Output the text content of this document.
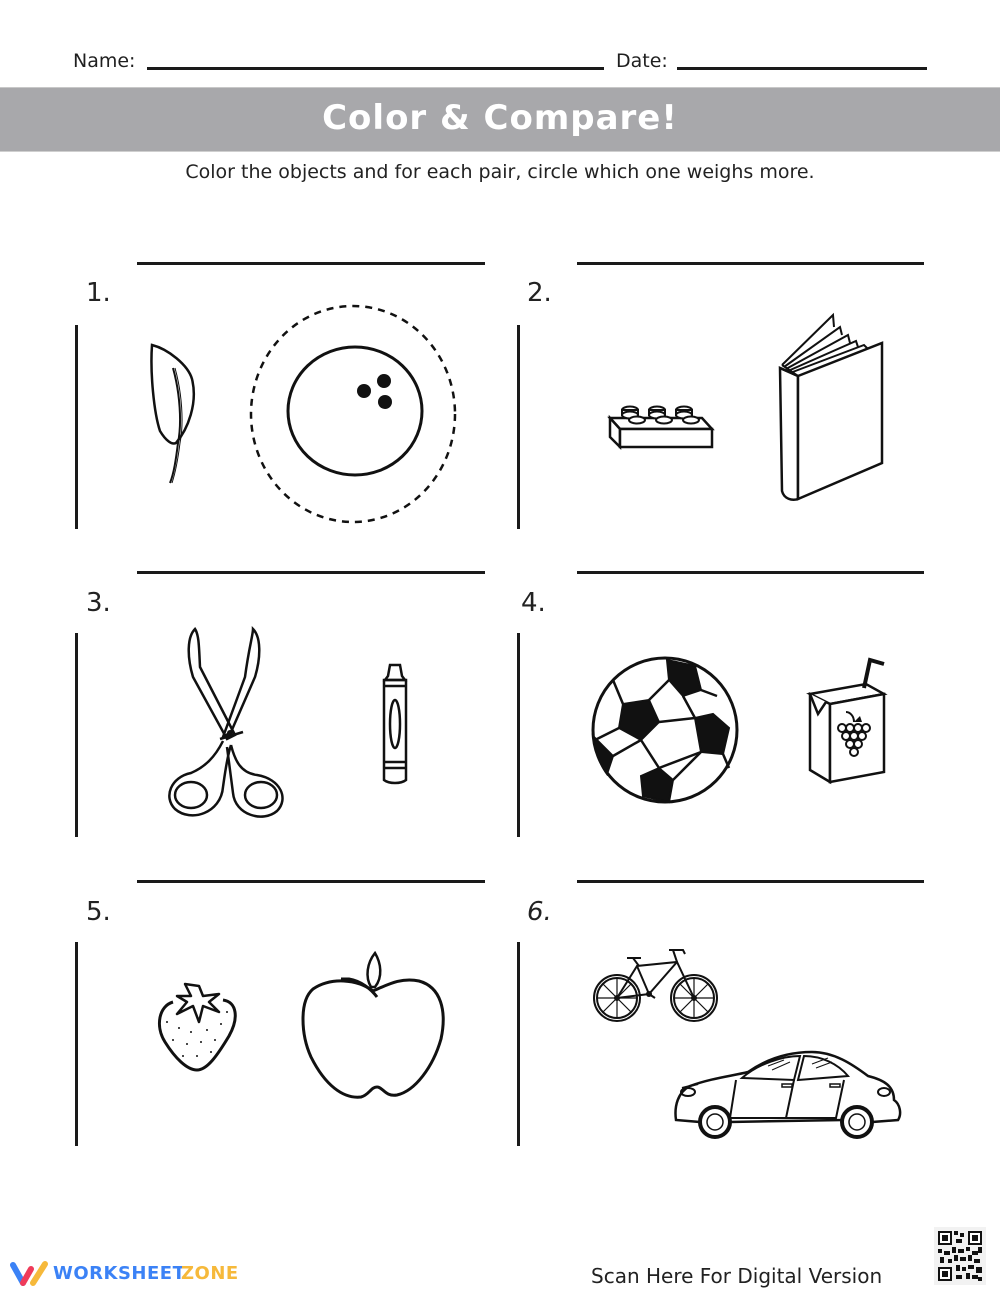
Name:	Date:
Color & Compare!
Color the objects and for each pair, circle which one weighs more.
1.	2.
3.	4.
5.	6.
WORKSHEET
ZONE	Scan Here For Digital Version
